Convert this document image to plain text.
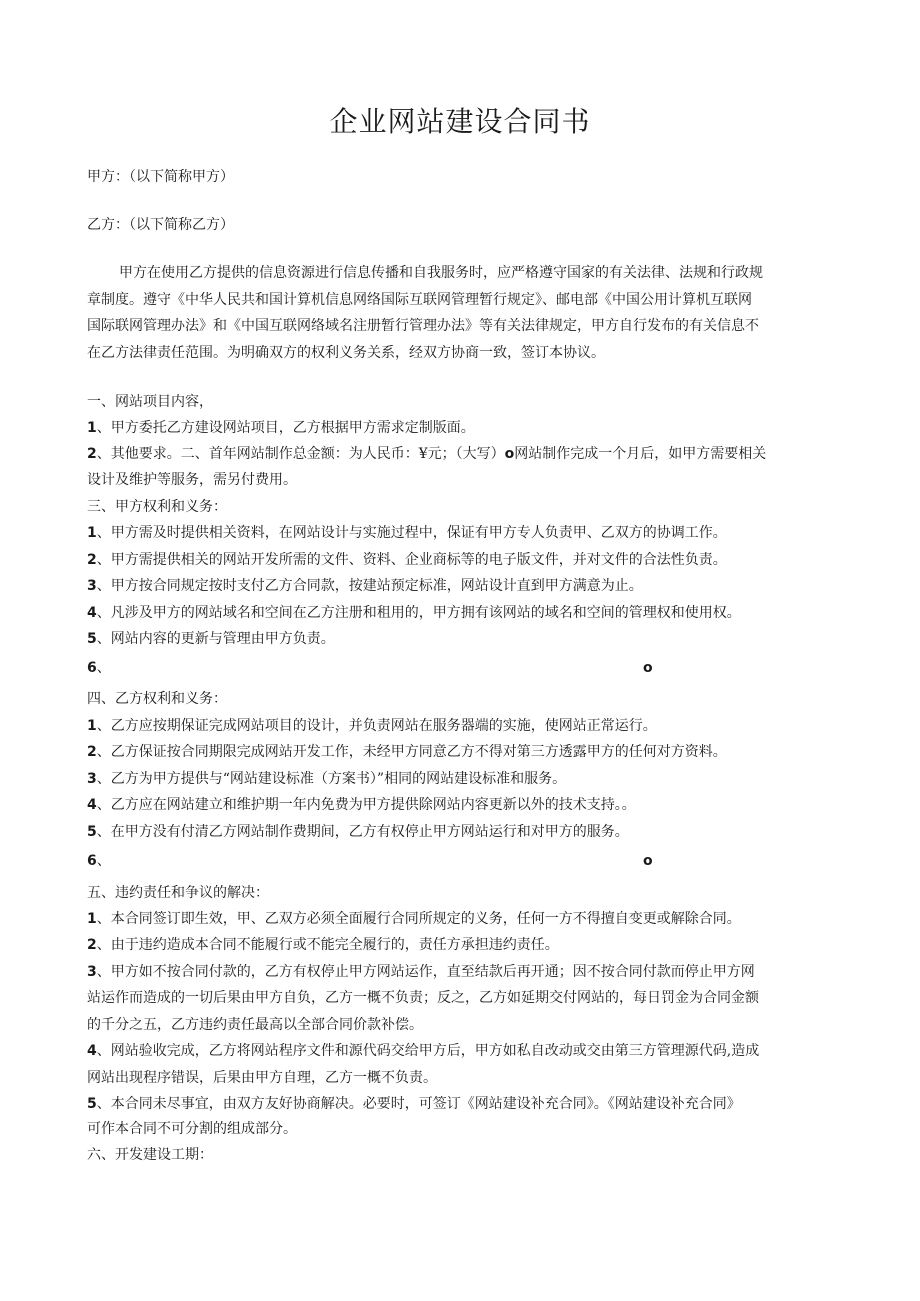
企业网站建设合同书
甲方：（以下简称甲方）
乙方：（以下简称乙方）
甲方在使用乙方提供的信息资源进行信息传播和自我服务时，应严格遵守国家的有关法律、法规和行政规
章制度。遵守《中华人民共和国计算机信息网络国际互联网管理暂行规定》、邮电部《中国公用计算机互联网
国际联网管理办法》和《中国互联网络域名注册暂行管理办法》等有关法律规定，甲方自行发布的有关信息不
在乙方法律责任范围。为明确双方的权利义务关系，经双方协商一致，签订本协议。
一、网站项目内容，
1、甲方委托乙方建设网站项目，乙方根据甲方需求定制版面。
2、其他要求。二、首年网站制作总金额：为人民币：¥元；（大写）o网站制作完成一个月后，如甲方需要相关
设计及维护等服务，需另付费用。
三、甲方权利和义务：
1、甲方需及时提供相关资料，在网站设计与实施过程中，保证有甲方专人负责甲、乙双方的协调工作。
2、甲方需提供相关的网站开发所需的文件、资料、企业商标等的电子版文件，并对文件的合法性负责。
3、甲方按合同规定按时支付乙方合同款，按建站预定标准，网站设计直到甲方满意为止。
4、凡涉及甲方的网站域名和空间在乙方注册和租用的，甲方拥有该网站的域名和空间的管理权和使用权。
5、网站内容的更新与管理由甲方负责。
6、	o
四、乙方权利和义务：
1、乙方应按期保证完成网站项目的设计，并负责网站在服务器端的实施，使网站正常运行。
2、乙方保证按合同期限完成网站开发工作，未经甲方同意乙方不得对第三方透露甲方的任何对方资料。
3、乙方为甲方提供与“网站建设标准（方案书）”相同的网站建设标准和服务。
4、乙方应在网站建立和维护期一年内免费为甲方提供除网站内容更新以外的技术支持。。
5、在甲方没有付清乙方网站制作费期间，乙方有权停止甲方网站运行和对甲方的服务。
6、	o
五、违约责任和争议的解决：
1、本合同签订即生效，甲、乙双方必须全面履行合同所规定的义务，任何一方不得擅自变更或解除合同。
2、由于违约造成本合同不能履行或不能完全履行的，责任方承担违约责任。
3、甲方如不按合同付款的，乙方有权停止甲方网站运作，直至结款后再开通；因不按合同付款而停止甲方网
站运作而造成的一切后果由甲方自负，乙方一概不负责；反之，乙方如延期交付网站的，每日罚金为合同金额
的千分之五，乙方违约责任最高以全部合同价款补偿。
4、网站验收完成，乙方将网站程序文件和源代码交给甲方后，甲方如私自改动或交由第三方管理源代码,造成
网站出现程序错误，后果由甲方自理，乙方一概不负责。
5、本合同未尽事宜，由双方友好协商解决。必要时，可签订《网站建设补充合同》。《网站建设补充合同》
可作本合同不可分割的组成部分。
六、开发建设工期：
